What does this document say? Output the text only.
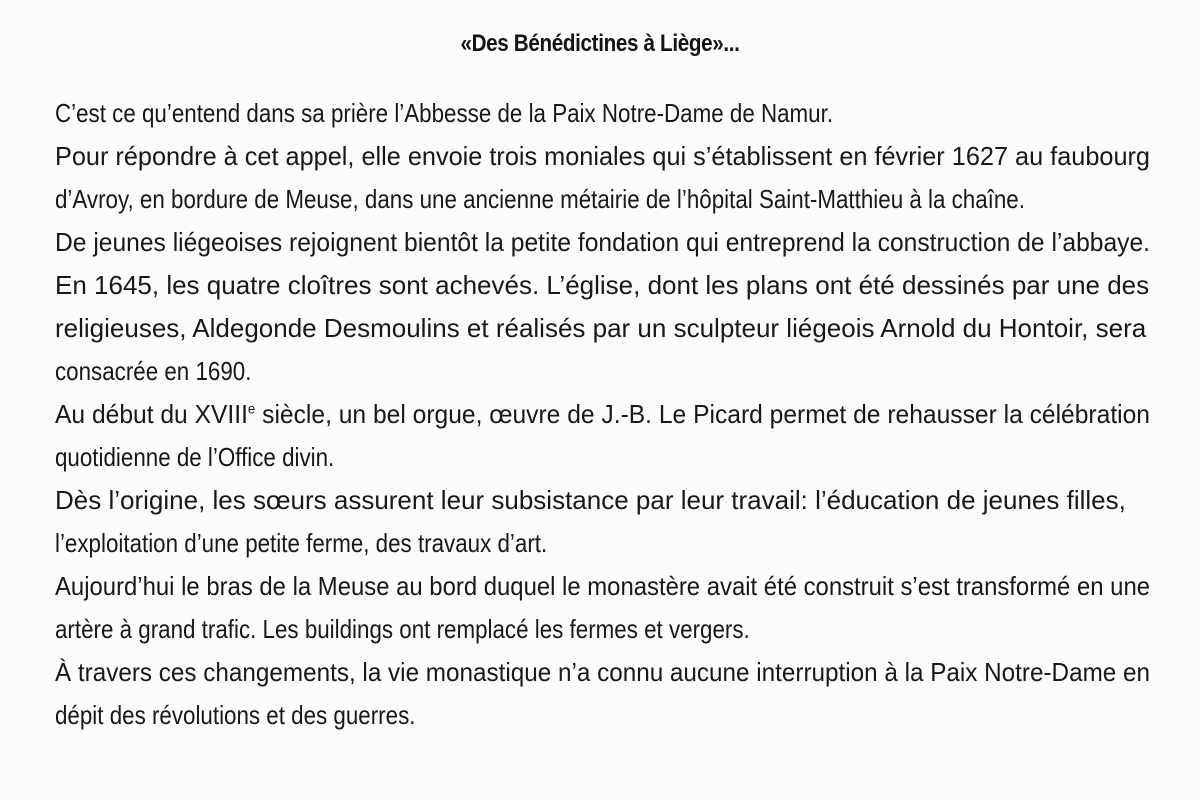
«Des Bénédictines à Liège»...
C’est ce qu’entend dans sa prière l’Abbesse de la Paix Notre-Dame de Namur.
Pour répondre à cet appel, elle envoie trois moniales qui s’établissent en février 1627 au faubourg
d’Avroy, en bordure de Meuse, dans une ancienne métairie de l’hôpital Saint-Matthieu à la chaîne.
De jeunes liégeoises rejoignent bientôt la petite fondation qui entreprend la construction de l’abbaye.
En 1645, les quatre cloîtres sont achevés. L’église, dont les plans ont été dessinés par une des
religieuses, Aldegonde Desmoulins et réalisés par un sculpteur liégeois Arnold du Hontoir, sera
consacrée en 1690.
Au début du XVIIIe siècle, un bel orgue, œuvre de J.-B. Le Picard permet de rehausser la célébration
quotidienne de l’Office divin.
Dès l’origine, les sœurs assurent leur subsistance par leur travail: l’éducation de jeunes filles,
l’exploitation d’une petite ferme, des travaux d’art.
Aujourd’hui le bras de la Meuse au bord duquel le monastère avait été construit s’est transformé en une
artère à grand trafic. Les buildings ont remplacé les fermes et vergers.
À travers ces changements, la vie monastique n’a connu aucune interruption à la Paix Notre-Dame en
dépit des révolutions et des guerres.
